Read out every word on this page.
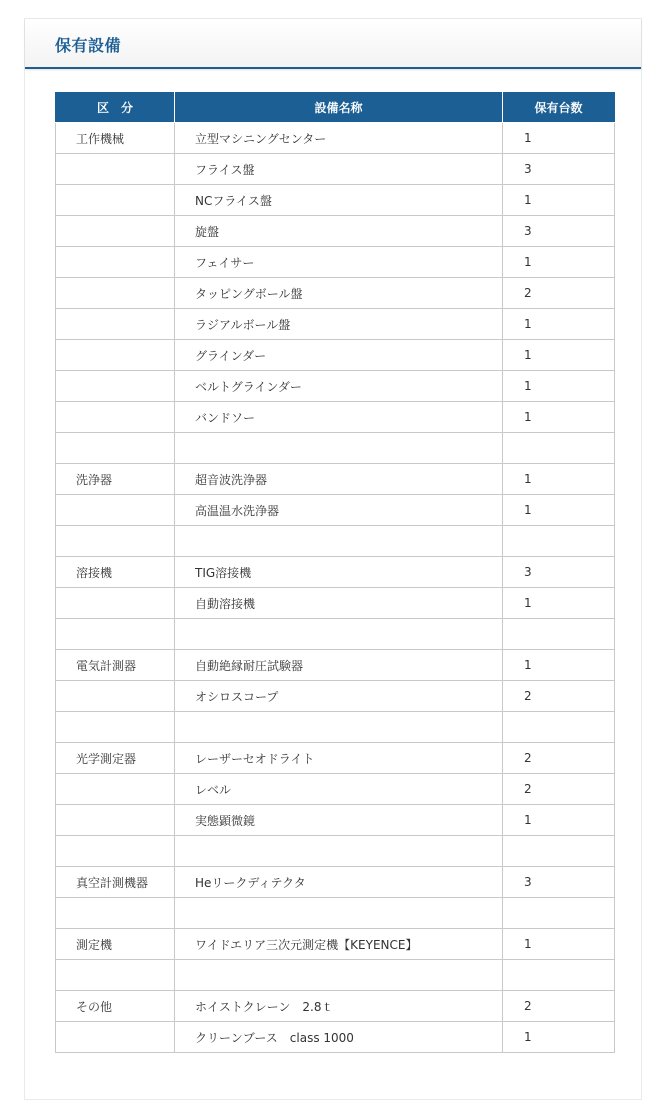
保有設備
区　分	設備名称	保有台数
工作機械	立型マシニングセンター	1
	フライス盤	3
	NCフライス盤	1
	旋盤	3
	フェイサー	1
	タッピングボール盤	2
	ラジアルボール盤	1
	グラインダー	1
	ベルトグラインダー	1
	バンドソー	1

洗浄器	超音波洗浄器	1
	高温温水洗浄器	1

溶接機	TIG溶接機	3
	自動溶接機	1

電気計測器	自動絶縁耐圧試験器	1
	オシロスコープ	2

光学測定器	レーザーセオドライト	2
	レベル	2
	実態顕微鏡	1

真空計測機器	Heリークディテクタ	3

測定機	ワイドエリア三次元測定機【KEYENCE】	1

その他	ホイストクレーン　2.8ｔ	2
	クリーンブース　class 1000	1
